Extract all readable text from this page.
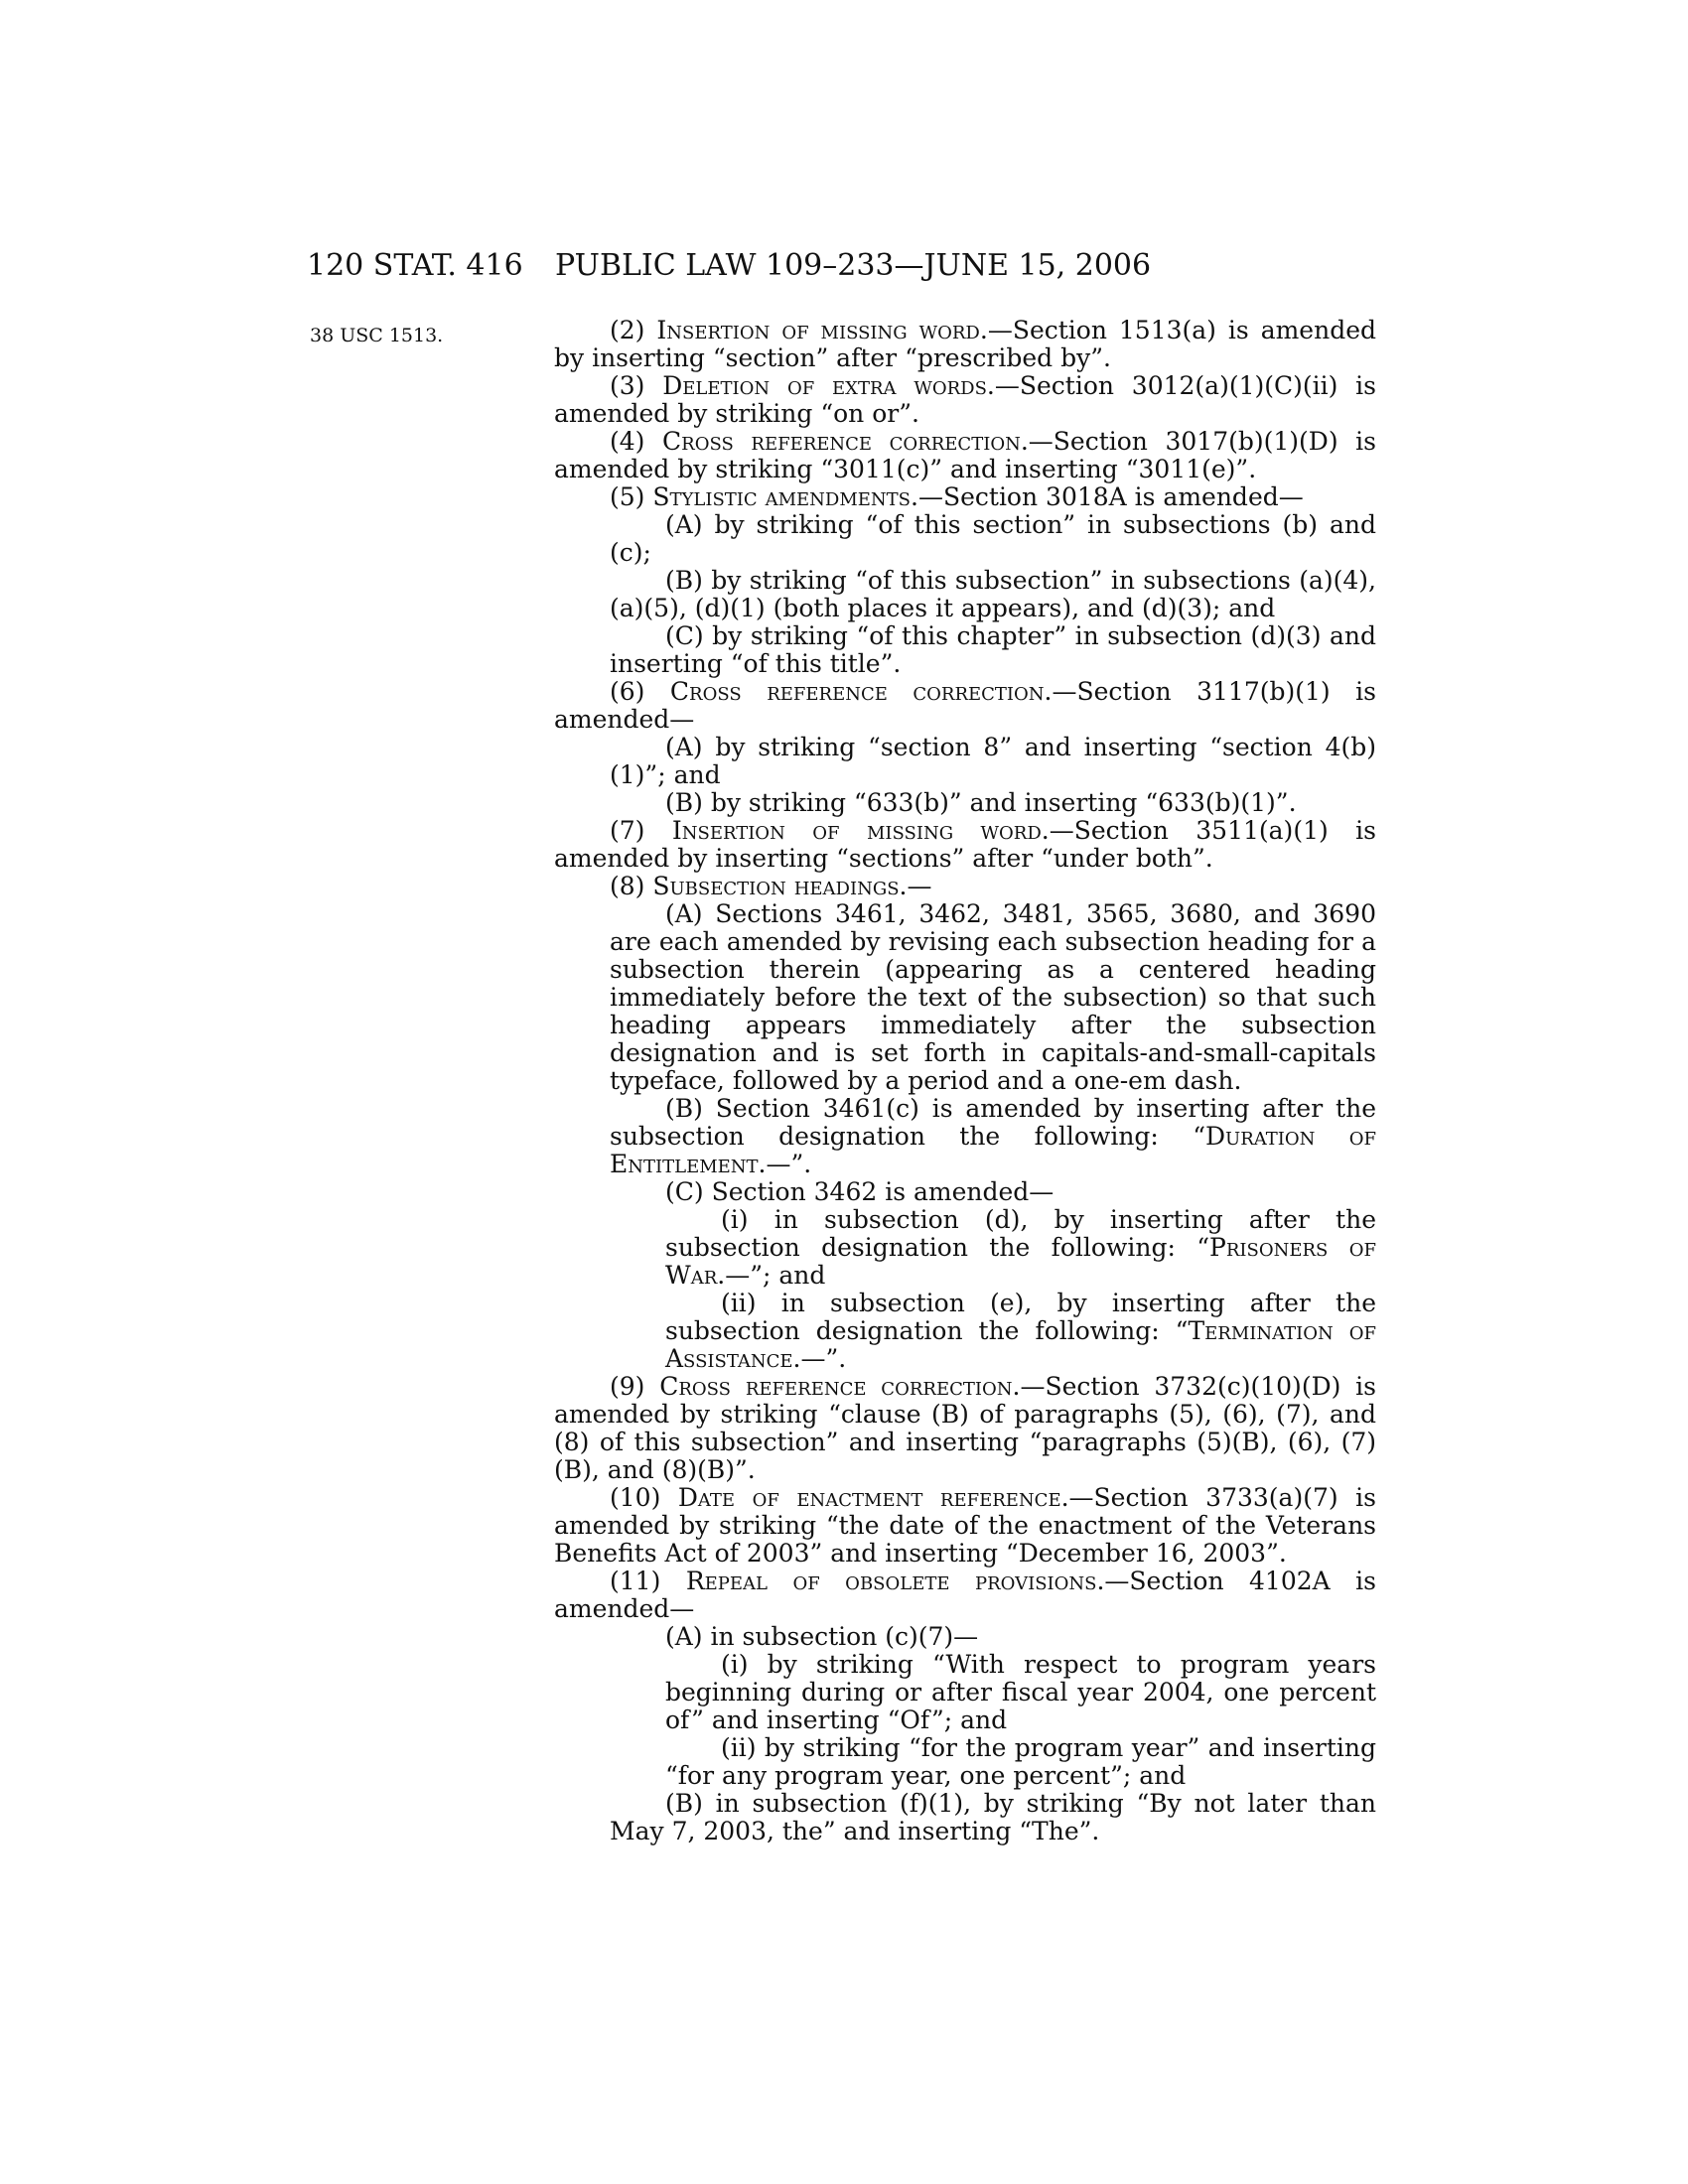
120 STAT. 416 PUBLIC LAW 109–233—JUNE 15, 2006
38 USC 1513.	(2) Insertion of missing word.—Section 1513(a) is amended by inserting “section” after “prescribed by”.

(3) Deletion of extra words.—Section 3012(a)(1)(C)(ii) is amended by striking “on or”.

(4) Cross reference correction.—Section 3017(b)(1)(D) is amended by striking “3011(c)” and inserting “3011(e)”.

(5) Stylistic amendments.—Section 3018A is amended—

(A) by striking “of this section” in subsections (b) and (c);

(B) by striking “of this subsection” in subsections (a)(4), (a)(5), (d)(1) (both places it appears), and (d)(3); and

(C) by striking “of this chapter” in subsection (d)(3) and inserting “of this title”.

(6) Cross reference correction.—Section 3117(b)(1) is amended—

(A) by striking “section 8” and inserting “section 4(b)(1)”; and

(B) by striking “633(b)” and inserting “633(b)(1)”.

(7) Insertion of missing word.—Section 3511(a)(1) is amended by inserting “sections” after “under both”.

(8) Subsection headings.—

(A) Sections 3461, 3462, 3481, 3565, 3680, and 3690 are each amended by revising each subsection heading for a subsection therein (appearing as a centered heading immediately before the text of the subsection) so that such heading appears immediately after the subsection designation and is set forth in capitals-and-small-capitals typeface, followed by a period and a one-em dash.

(B) Section 3461(c) is amended by inserting after the subsection designation the following: “Duration of Entitlement.—”.

(C) Section 3462 is amended—

(i) in subsection (d), by inserting after the subsection designation the following: “Prisoners of War.—”; and

(ii) in subsection (e), by inserting after the subsection designation the following: “Termination of Assistance.—”.

(9) Cross reference correction.—Section 3732(c)(10)(D) is amended by striking “clause (B) of paragraphs (5), (6), (7), and (8) of this subsection” and inserting “paragraphs (5)(B), (6), (7)(B), and (8)(B)”.

(10) Date of enactment reference.—Section 3733(a)(7) is amended by striking “the date of the enactment of the Veterans Benefits Act of 2003” and inserting “December 16, 2003”.

(11) Repeal of obsolete provisions.—Section 4102A is amended—

(A) in subsection (c)(7)—

(i) by striking “With respect to program years beginning during or after fiscal year 2004, one percent of” and inserting “Of”; and

(ii) by striking “for the program year” and inserting “for any program year, one percent”; and

(B) in subsection (f)(1), by striking “By not later than May 7, 2003, the” and inserting “The”.
